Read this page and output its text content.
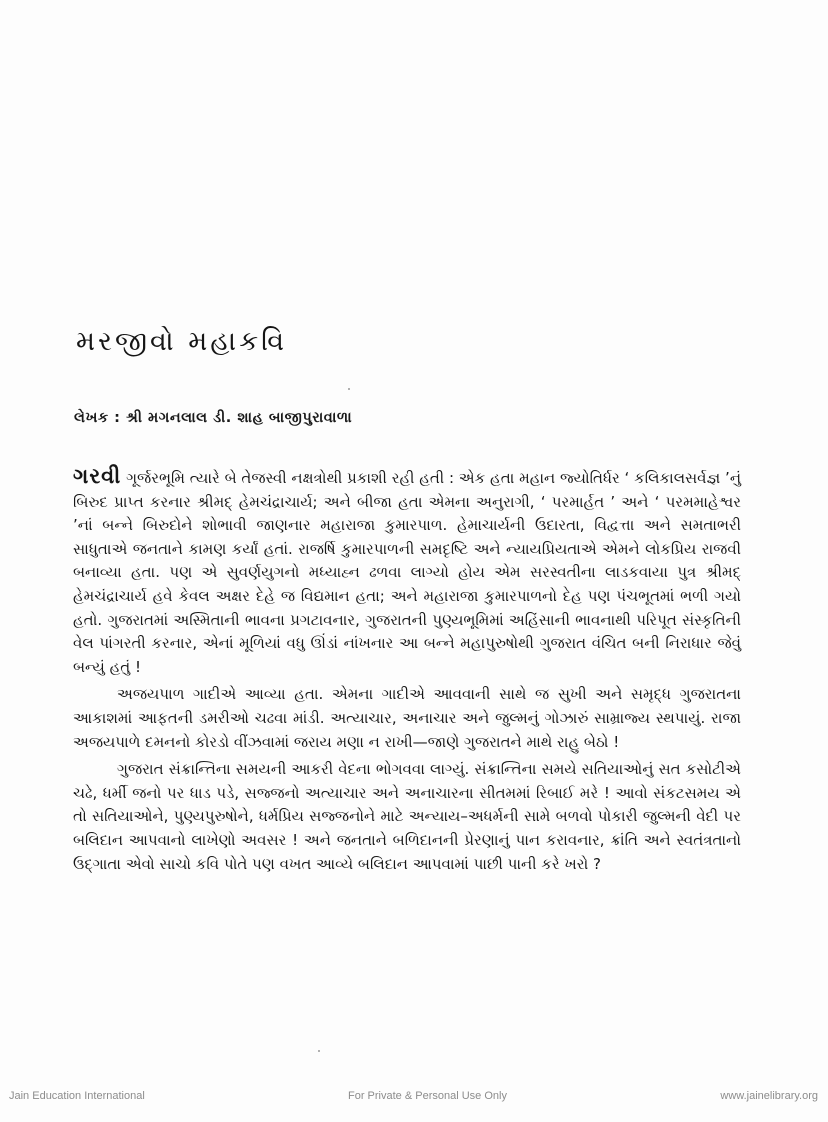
મરજીવો મહાકવિ
લેખક : શ્રી મગનલાલ ડી. શાહ બાજીપુરાવાળા

ગરવી ગૂર્જરભૂમિ ત્યારે બે તેજસ્વી નક્ષત્રોથી પ્રકાશી રહી હતી : એક હતા મહાન જ્યોતિર્ધર ‘ કલિકાલસર્વજ્ઞ ’નું બિરુદ પ્રાપ્ત કરનાર શ્રીમદ્ હેમચંદ્રાચાર્ય; અને બીજા હતા એમના અનુરાગી, ‘ પરમાર્હત ’ અને ‘ પરમમાહેશ્વર ’નાં બન્ને બિરુદોને શોભાવી જાણનાર મહારાજા કુમારપાળ. હેમાચાર્યની ઉદારતા, વિદ્વત્તા અને સમતાભરી સાધુતાએ જનતાને કામણ કર્યાં હતાં. રાજર્ષિ કુમારપાળની સમદૃષ્ટિ અને ન્યાયપ્રિયતાએ એમને લોકપ્રિય રાજવી બનાવ્યા હતા. પણ એ સુવર્ણયુગનો મધ્યાહ્ન ઢળવા લાગ્યો હોય એમ સરસ્વતીના લાડકવાયા પુત્ર શ્રીમદ્ હેમચંદ્રાચાર્ય હવે કેવલ અક્ષર દેહે જ વિદ્યમાન હતા; અને મહારાજા કુમારપાળનો દેહ પણ પંચભૂતમાં ભળી ગયો હતો. ગુજરાતમાં અસ્મિતાની ભાવના પ્રગટાવનાર, ગુજરાતની પુણ્યભૂમિમાં અહિંસાની ભાવનાથી પરિપૂત સંસ્કૃતિની વેલ પાંગરતી કરનાર, એનાં મૂળિયાં વધુ ઊંડાં નાંખનાર આ બન્ને મહાપુરુષોથી ગુજરાત વંચિત બની નિરાધાર જેવું બન્યું હતું !

અજયપાળ ગાદીએ આવ્યા હતા. એમના ગાદીએ આવવાની સાથે જ સુખી અને સમૃદ્ધ ગુજરાતના આકાશમાં આફતની ડમરીઓ ચઢવા માંડી. અત્યાચાર, અનાચાર અને જુલ્મનું ગોઝારું સામ્રાજ્ય સ્થપાયું. રાજા અજયપાળે દમનનો કોરડો વીંઝવામાં જરાય મણા ન રાખી—જાણે ગુજરાતને માથે રાહુ બેઠો !

ગુજરાત સંક્રાન્તિના સમયની આકરી વેદના ભોગવવા લાગ્યું. સંક્રાન્તિના સમયે સતિયાઓનું સત કસોટીએ ચઢે, ધર્મી જનો પર ધાડ પડે, સજ્જનો અત્યાચાર અને અનાચારના સીતમમાં રિબાઈ મરે ! આવો સંકટસમય એ તો સતિયાઓને, પુણ્યપુરુષોને, ધર્મપ્રિય સજ્જનોને માટે અન્યાય–અધર્મની સામે બળવો પોકારી જુલ્મની વેદી પર બલિદાન આપવાનો લાખેણો અવસર ! અને જનતાને બળિદાનની પ્રેરણાનું પાન કરાવનાર, ક્રાંતિ અને સ્વતંત્રતાનો ઉદ્ગાતા એવો સાચો કવિ પોતે પણ વખત આવ્યે બલિદાન આપવામાં પાછી પાની કરે ખરો ?

Jain Education International	For Private & Personal Use Only	www.jainelibrary.org
